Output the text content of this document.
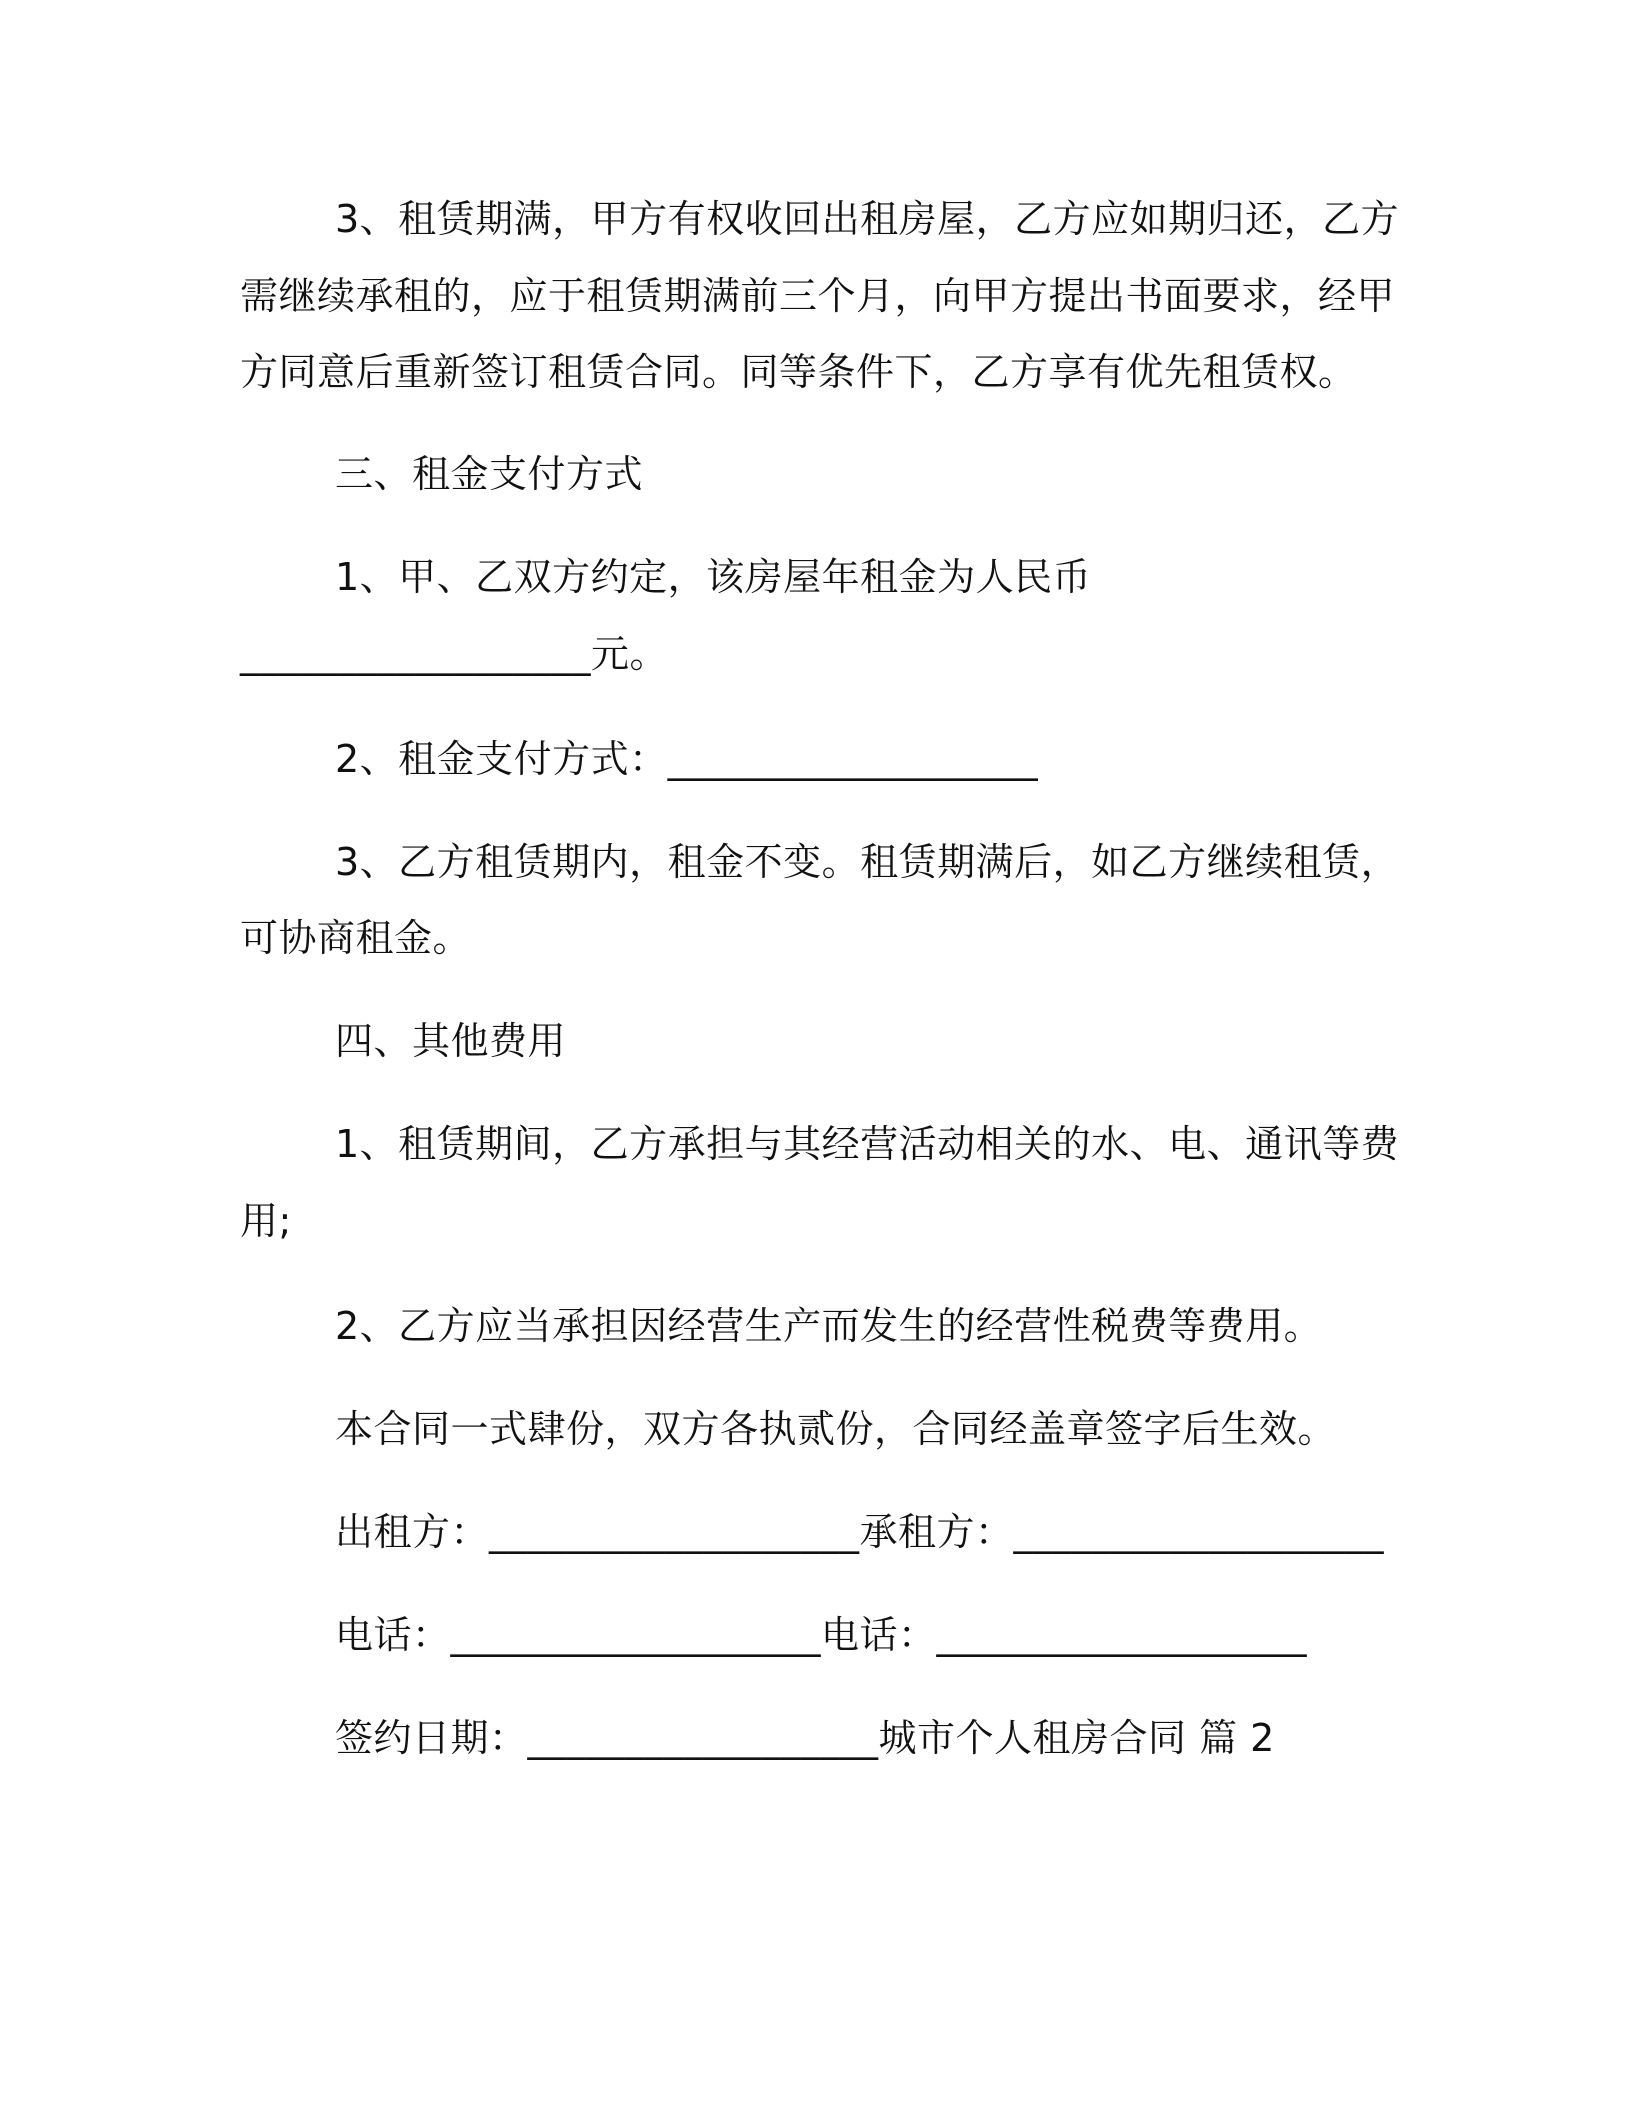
3、租赁期满，甲方有权收回出租房屋，乙方应如期归还，乙方
需继续承租的，应于租赁期满前三个月，向甲方提出书面要求，经甲
方同意后重新签订租赁合同。同等条件下，乙方享有优先租赁权。
三、租金支付方式
1、甲、乙双方约定，该房屋年租金为人民币
__________________元。
2、租金支付方式：___________________
3、乙方租赁期内，租金不变。租赁期满后，如乙方继续租赁，
可协商租金。
四、其他费用
1、租赁期间，乙方承担与其经营活动相关的水、电、通讯等费
用;
2、乙方应当承担因经营生产而发生的经营性税费等费用。
本合同一式肆份，双方各执贰份，合同经盖章签字后生效。
出租方：___________________承租方：___________________
电话：___________________电话：___________________
签约日期：__________________城市个人租房合同 篇 2
